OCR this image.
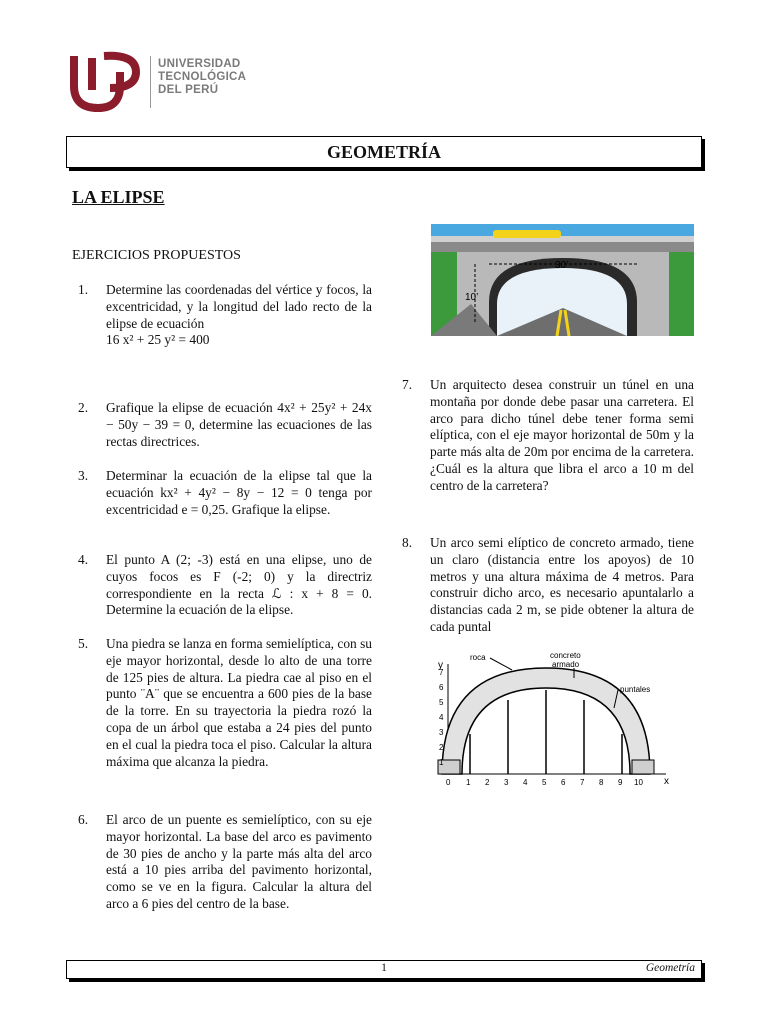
UNIVERSIDAD
TECNOLÓGICA
DEL PERÚ
GEOMETRÍA
LA ELIPSE
EJERCICIOS PROPUESTOS
1. Determine las coordenadas del vértice y focos, la excentricidad, y la longitud del lado recto de la elipse de ecuación
16 x² + 25 y² = 400
2. Grafique la elipse de ecuación 4x² + 25y² + 24x − 50y − 39 = 0, determine las ecuaciones de las rectas directrices.
3. Determinar la ecuación de la elipse tal que la ecuación kx² + 4y² − 8y − 12 = 0 tenga por excentricidad e = 0,25. Grafique la elipse.
4. El punto A (2; -3) está en una elipse, uno de cuyos focos es F (-2; 0) y la directriz correspondiente en la recta ℒ : x + 8 = 0. Determine la ecuación de la elipse.
5. Una piedra se lanza en forma semielíptica, con su eje mayor horizontal, desde lo alto de una torre de 125 pies de altura. La piedra cae al piso en el punto ¨A¨ que se encuentra a 600 pies de la base de la torre. En su trayectoria la piedra rozó la copa de un árbol que estaba a 24 pies del punto en el cual la piedra toca el piso. Calcular la altura máxima que alcanza la piedra.
6. El arco de un puente es semielíptico, con su eje mayor horizontal. La base del arco es pavimento de 30 pies de ancho y la parte más alta del arco está a 10 pies arriba del pavimento horizontal, como se ve en la figura. Calcular la altura del arco a 6 pies del centro de la base.
30’
10’
7. Un arquitecto desea construir un túnel en una montaña por donde debe pasar una carretera. El arco para dicho túnel debe tener forma semi elíptica, con el eje mayor horizontal de 50m y la parte más alta de 20m por encima de la carretera. ¿Cuál es la altura que libra el arco a 10 m del centro de la carretera?
8. Un arco semi elíptico de concreto armado, tiene un claro (distancia entre los apoyos) de 10 metros y una altura máxima de 4 metros. Para construir dicho arco, es necesario apuntalarlo a distancias cada 2 m, se pide obtener la altura de cada puntal
x
y
0 1 2 3 4 5 6 7 8 9 10
1
2
3
4
5
6
7
roca	concreto
armado
puntales
1	Geometría
